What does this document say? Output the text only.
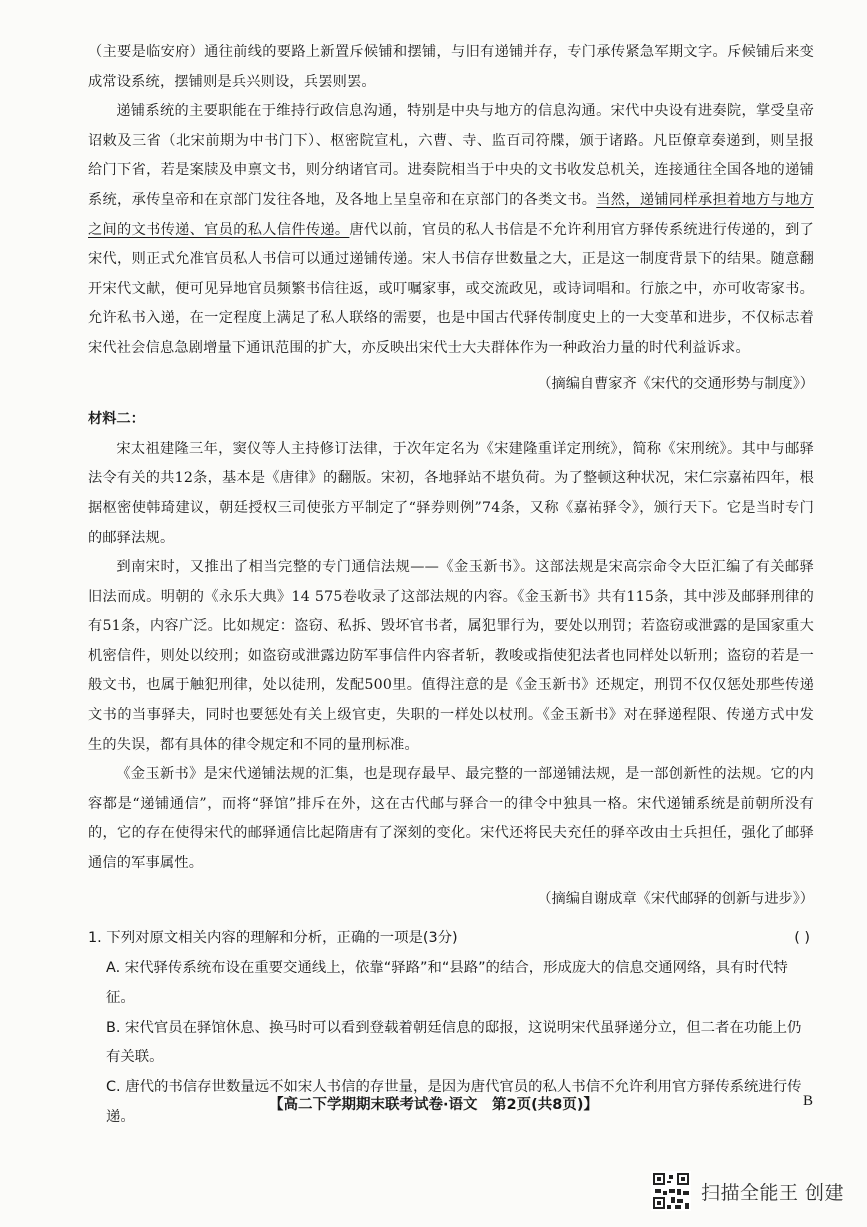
（主要是临安府）通往前线的要路上新置斥候铺和摆铺，与旧有递铺并存，专门承传紧急军期文字。斥候铺后来变成常设系统，摆铺则是兵兴则设，兵罢则罢。

递铺系统的主要职能在于维持行政信息沟通，特别是中央与地方的信息沟通。宋代中央设有进奏院，掌受皇帝诏敕及三省（北宋前期为中书门下）、枢密院宣札，六曹、寺、监百司符牒，颁于诸路。凡臣僚章奏递到，则呈报给门下省，若是案牍及申禀文书，则分纳诸官司。进奏院相当于中央的文书收发总机关，连接通往全国各地的递铺系统，承传皇帝和在京部门发往各地，及各地上呈皇帝和在京部门的各类文书。当然，递铺同样承担着地方与地方之间的文书传递、官员的私人信件传递。唐代以前，官员的私人书信是不允许利用官方驿传系统进行传递的，到了宋代，则正式允准官员私人书信可以通过递铺传递。宋人书信存世数量之大，正是这一制度背景下的结果。随意翻开宋代文献，便可见异地官员频繁书信往返，或叮嘱家事，或交流政见，或诗词唱和。行旅之中，亦可收寄家书。允许私书入递，在一定程度上满足了私人联络的需要，也是中国古代驿传制度史上的一大变革和进步，不仅标志着宋代社会信息急剧增量下通讯范围的扩大，亦反映出宋代士大夫群体作为一种政治力量的时代利益诉求。

（摘编自曹家齐《宋代的交通形势与制度》）

材料二：

宋太祖建隆三年，窦仪等人主持修订法律，于次年定名为《宋建隆重详定刑统》，简称《宋刑统》。其中与邮驿法令有关的共12条，基本是《唐律》的翻版。宋初，各地驿站不堪负荷。为了整顿这种状况，宋仁宗嘉祐四年，根据枢密使韩琦建议，朝廷授权三司使张方平制定了“驿券则例”74条，又称《嘉祐驿令》，颁行天下。它是当时专门的邮驿法规。

到南宋时，又推出了相当完整的专门通信法规——《金玉新书》。这部法规是宋高宗命令大臣汇编了有关邮驿旧法而成。明朝的《永乐大典》14 575卷收录了这部法规的内容。《金玉新书》共有115条，其中涉及邮驿刑律的有51条，内容广泛。比如规定：盗窃、私拆、毁坏官书者，属犯罪行为，要处以刑罚；若盗窃或泄露的是国家重大机密信件，则处以绞刑；如盗窃或泄露边防军事信件内容者斩，教唆或指使犯法者也同样处以斩刑；盗窃的若是一般文书，也属于触犯刑律，处以徒刑，发配500里。值得注意的是《金玉新书》还规定，刑罚不仅仅惩处那些传递文书的当事驿夫，同时也要惩处有关上级官吏，失职的一样处以杖刑。《金玉新书》对在驿递程限、传递方式中发生的失误，都有具体的律令规定和不同的量刑标准。

《金玉新书》是宋代递铺法规的汇集，也是现存最早、最完整的一部递铺法规，是一部创新性的法规。它的内容都是“递铺通信”，而将“驿馆”排斥在外，这在古代邮与驿合一的律令中独具一格。宋代递铺系统是前朝所没有的，它的存在使得宋代的邮驿通信比起隋唐有了深刻的变化。宋代还将民夫充任的驿卒改由士兵担任，强化了邮驿通信的军事属性。

（摘编自谢成章《宋代邮驿的创新与进步》）

1. 下列对原文相关内容的理解和分析，正确的一项是(3分)	( )

A. 宋代驿传系统布设在重要交通线上，依靠“驿路”和“县路”的结合，形成庞大的信息交通网络，具有时代特征。

B. 宋代官员在驿馆休息、换马时可以看到登载着朝廷信息的邸报，这说明宋代虽驿递分立，但二者在功能上仍有关联。

C. 唐代的书信存世数量远不如宋人书信的存世量，是因为唐代官员的私人书信不允许利用官方驿传系统进行传递。

【高二下学期期末联考试卷·语文　第2页(共8页)】	B
扫描全能王 创建
